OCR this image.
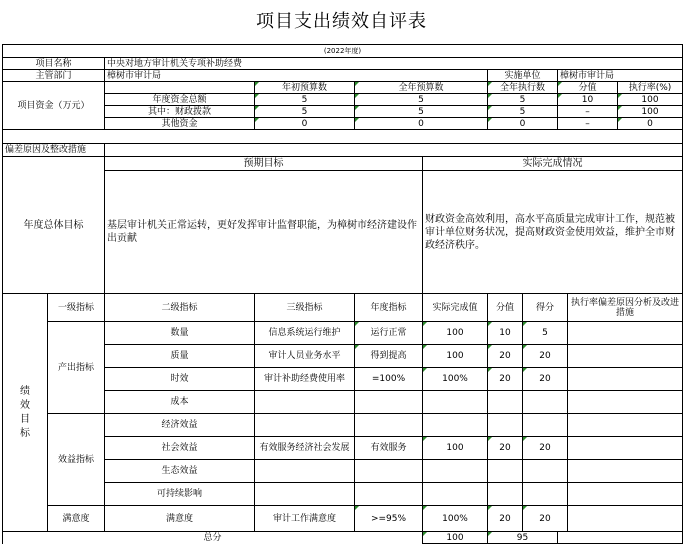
项目支出绩效自评表
(2022年度)											
项目名称		中央对地方审计机关专项补助经费									
主管部门		樟树市审计局				实施单位		樟树市审计局			
项目资金（万元）			年初预算数	全年预算数		全年执行数		分值		执行率(%)	
		年度资金总额	5	5		5		10		100	
		其中：财政拨款	5	5		5		–		100	
		其他资金	0	0		0		–		0	

偏差原因及整改措施											
年度总体目标		预期目标			实际完成情况						
		基层审计机关正常运转，更好发挥审计监督职能，为樟树市经济建设作出贡献			财政资金高效利用，高水平高质量完成审计工作，规范被审计单位财务状况，提高财政资金使用效益，维护全市财政经济秩序。						

绩效目标	一级指标	二级指标	三级指标	年度指标	实际完成值	分值	得分		执行率偏差原因分析及改进措施		
	产出指标	数量	信息系统运行维护	运行正常	100	10	5				
		质量	审计人员业务水平	得到提高	100	20	20				
		时效	审计补助经费使用率	=100%	100%	20	20				
		成本									
	效益指标	经济效益									
		社会效益	有效服务经济社会发展	有效服务	100	20	20				
		生态效益									
		可持续影响									
	满意度	满意度	审计工作满意度	>=95%	100%	20	20				
总分					100	95					
